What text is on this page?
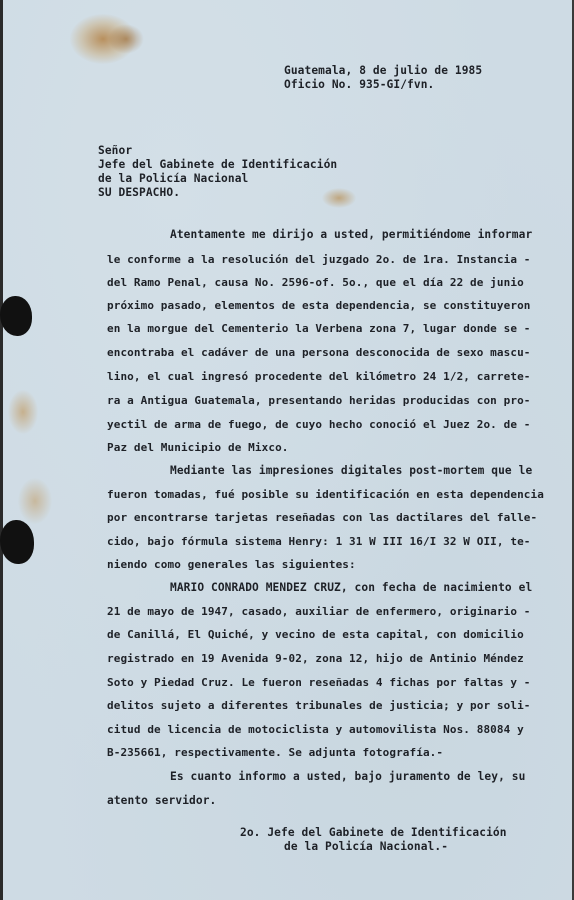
Guatemala, 8 de julio de 1985

Oficio No. 935-GI/fvn.

Señor

Jefe del Gabinete de Identificación

de la Policía Nacional

SU DESPACHO.

Atentamente me dirijo a usted, permitiéndome informar

le conforme a la resolución del juzgado 2o. de 1ra. Instancia -

del Ramo Penal, causa No. 2596-of. 5o., que el día 22 de junio

próximo pasado, elementos de esta dependencia, se constituyeron

en la morgue del Cementerio la Verbena zona 7, lugar donde se -

encontraba el cadáver de una persona desconocida de sexo mascu-

lino, el cual ingresó procedente del kilómetro 24 1/2, carrete-

ra a Antigua Guatemala, presentando heridas producidas con pro-

yectil de arma de fuego, de cuyo hecho conoció el Juez 2o. de -

Paz del Municipio de Mixco.

Mediante las impresiones digitales post-mortem que le

fueron tomadas, fué posible su identificación en esta dependencia

por encontrarse tarjetas reseñadas con las dactilares del falle-

cido, bajo fórmula sistema Henry: 1 31 W III 16/I 32 W OII, te-

niendo como generales las siguientes:

MARIO CONRADO MENDEZ CRUZ, con fecha de nacimiento el

21 de mayo de 1947, casado, auxiliar de enfermero, originario -

de Canillá, El Quiché, y vecino de esta capital, con domicilio

registrado en 19 Avenida 9-02, zona 12, hijo de Antinio Méndez

Soto y Piedad Cruz. Le fueron reseñadas 4 fichas por faltas y -

delitos sujeto a diferentes tribunales de justicia; y por soli-

citud de licencia de motociclista y automovilista Nos. 88084 y

B-235661, respectivamente. Se adjunta fotografía.-

Es cuanto informo a usted, bajo juramento de ley, su

atento servidor.

2o. Jefe del Gabinete de Identificación

de la Policía Nacional.-
